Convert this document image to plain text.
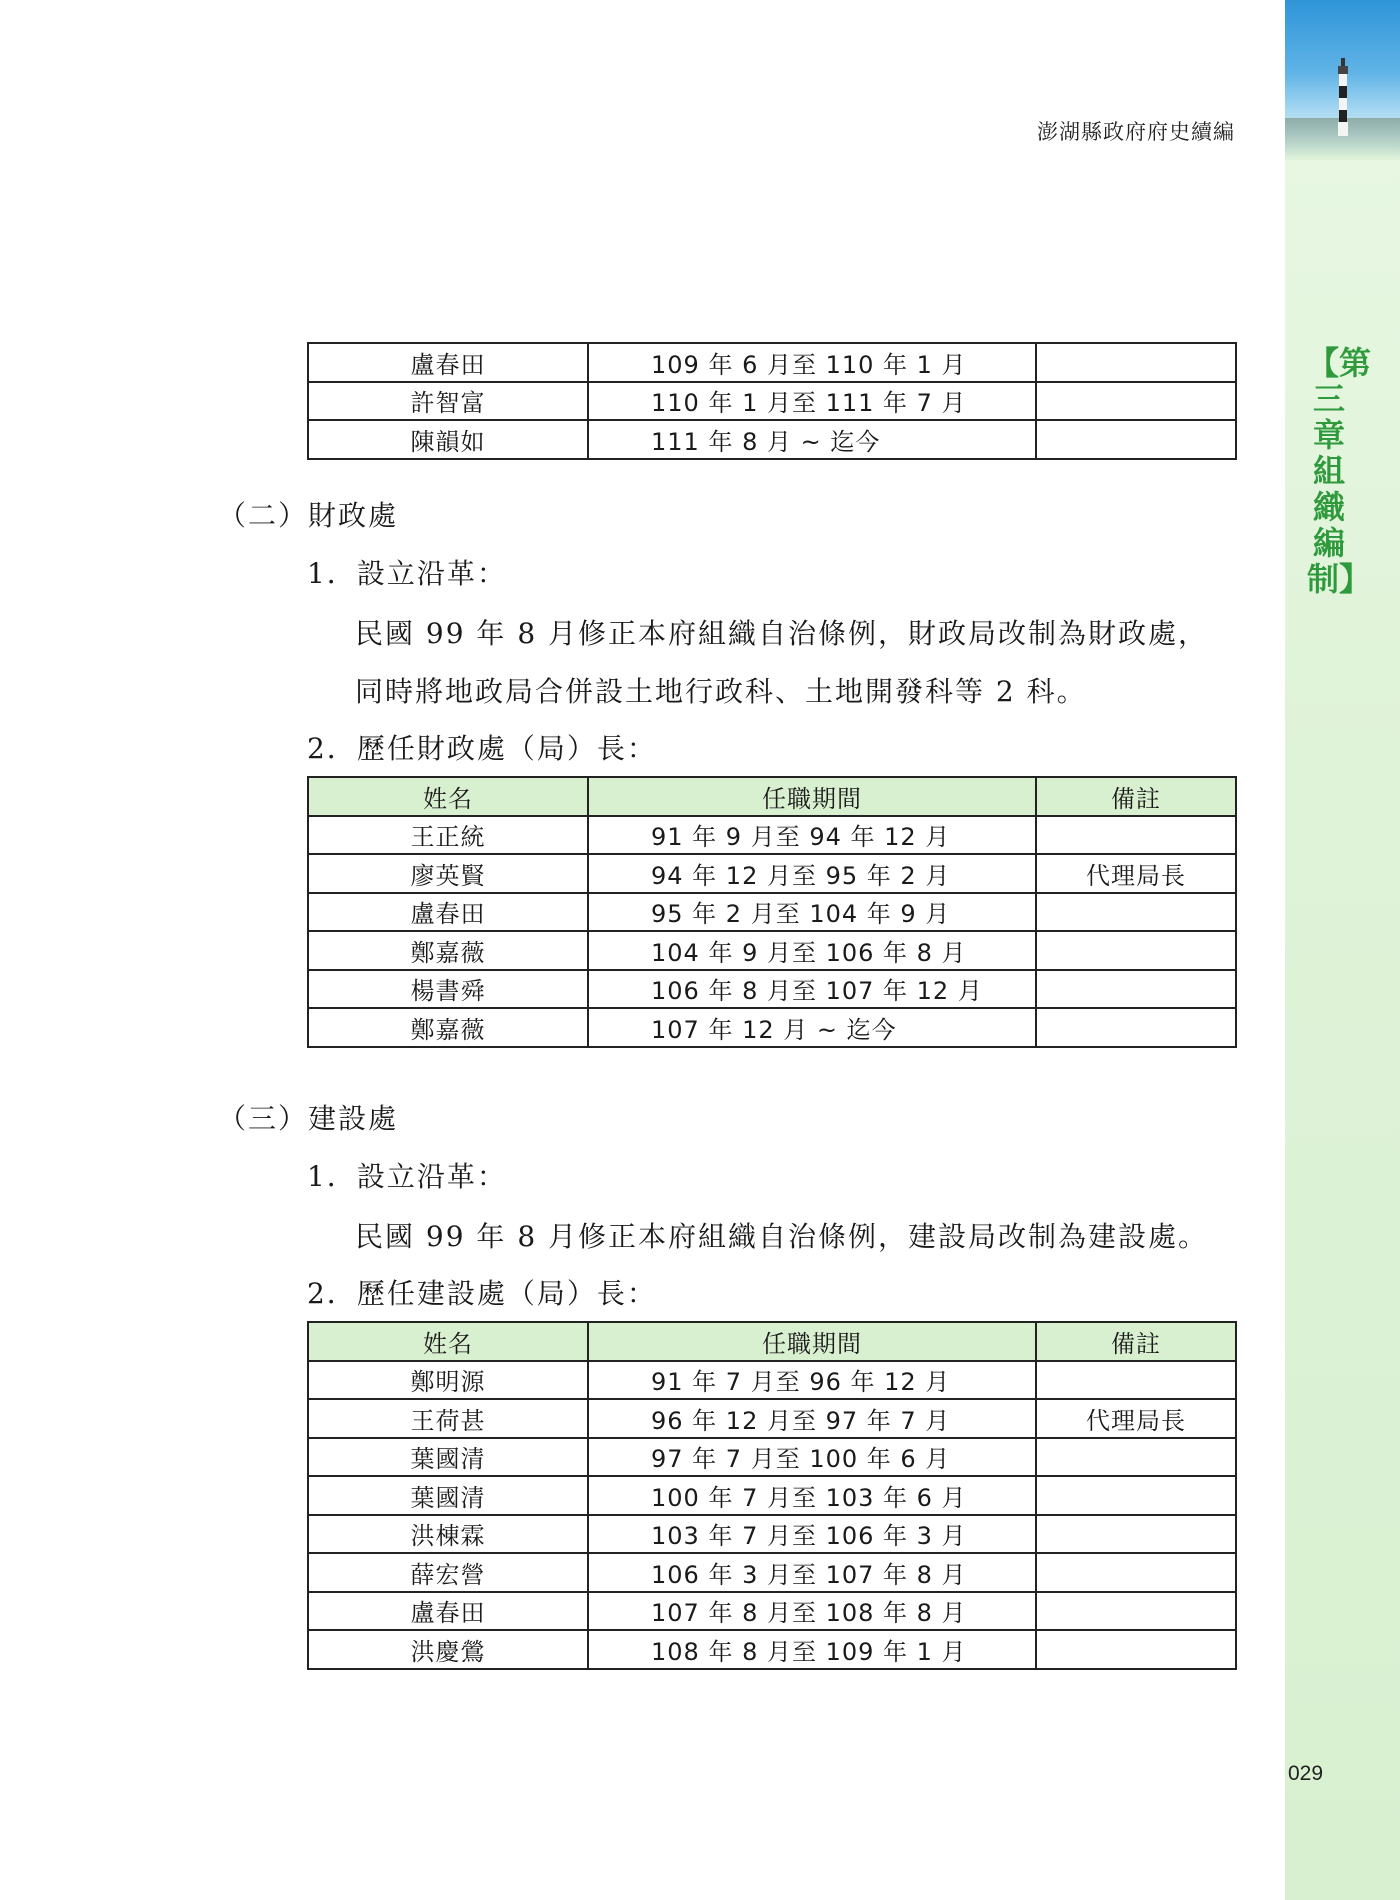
【第三章 組織編制】
澎湖縣政府府史續編
盧春田	109 年 6 月至 110 年 1 月	
許智富	110 年 1 月至 111 年 7 月	
陳韻如	111 年 8 月 ~ 迄今	
（二）財政處
1．設立沿革：
民國 99 年 8 月修正本府組織自治條例，財政局改制為財政處，
同時將地政局合併設土地行政科、土地開發科等 2 科。
2．歷任財政處（局）長：
姓名	任職期間	備註
王正統	91 年 9 月至 94 年 12 月	
廖英賢	94 年 12 月至 95 年 2 月	代理局長
盧春田	95 年 2 月至 104 年 9 月	
鄭嘉薇	104 年 9 月至 106 年 8 月	
楊書舜	106 年 8 月至 107 年 12 月	
鄭嘉薇	107 年 12 月 ~ 迄今	
（三）建設處
1．設立沿革：
民國 99 年 8 月修正本府組織自治條例，建設局改制為建設處。
2．歷任建設處（局）長：
姓名	任職期間	備註
鄭明源	91 年 7 月至 96 年 12 月	
王荷甚	96 年 12 月至 97 年 7 月	代理局長
葉國清	97 年 7 月至 100 年 6 月	
葉國清	100 年 7 月至 103 年 6 月	
洪棟霖	103 年 7 月至 106 年 3 月	
薛宏營	106 年 3 月至 107 年 8 月	
盧春田	107 年 8 月至 108 年 8 月	
洪慶鶯	108 年 8 月至 109 年 1 月	
029
